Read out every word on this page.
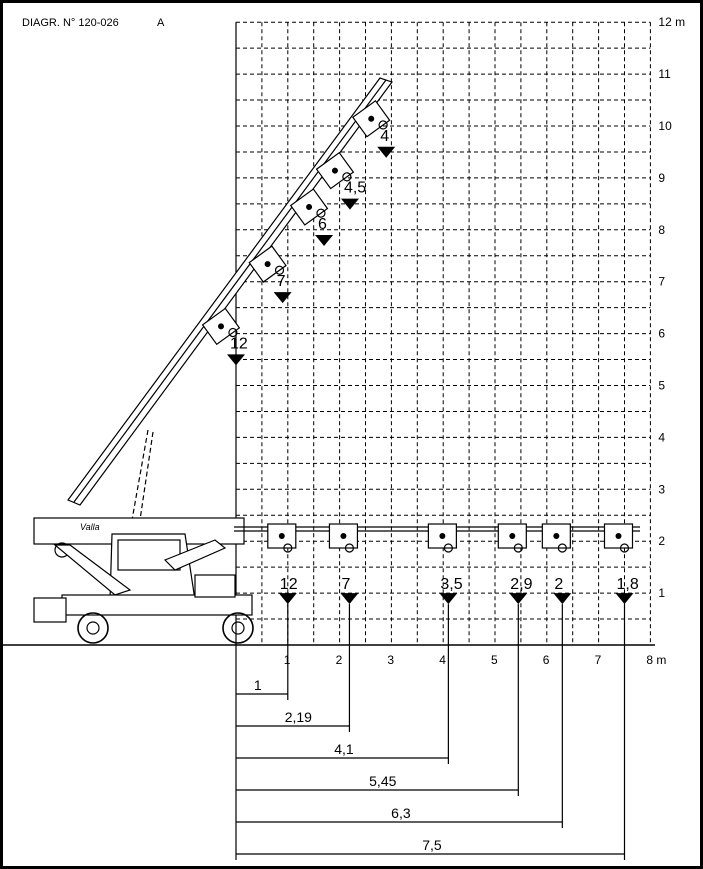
DIAGR. N° 120-026	A
1
2
3
4
5
6
7
8
9
10
11
12 m
1	2	3	4	5	6	7	8 m
Valla
12
7
6
4,5
4
12	7	3,5	2,9 2	1,8
1
2,19
4,1
5,45
6,3
7,5
